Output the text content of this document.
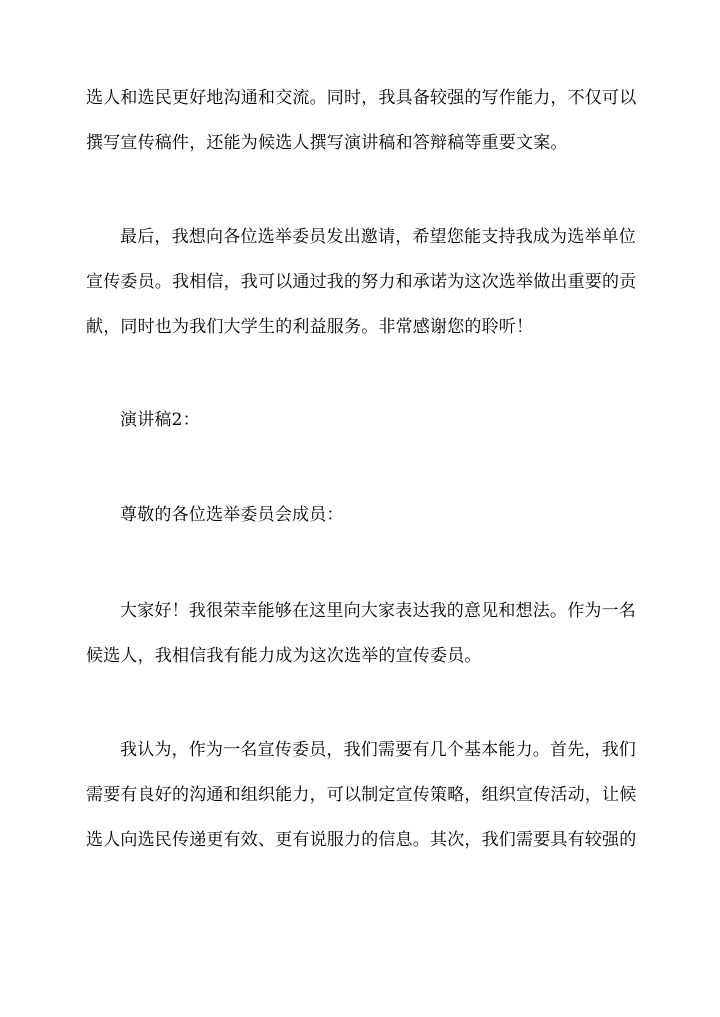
选人和选民更好地沟通和交流。同时，我具备较强的写作能力，不仅可以
撰写宣传稿件，还能为候选人撰写演讲稿和答辩稿等重要文案。

最后，我想向各位选举委员发出邀请，希望您能支持我成为选举单位
宣传委员。我相信，我可以通过我的努力和承诺为这次选举做出重要的贡
献，同时也为我们大学生的利益服务。非常感谢您的聆听！

演讲稿2：

尊敬的各位选举委员会成员：

大家好！我很荣幸能够在这里向大家表达我的意见和想法。作为一名
候选人，我相信我有能力成为这次选举的宣传委员。

我认为，作为一名宣传委员，我们需要有几个基本能力。首先，我们
需要有良好的沟通和组织能力，可以制定宣传策略，组织宣传活动，让候
选人向选民传递更有效、更有说服力的信息。其次，我们需要具有较强的
